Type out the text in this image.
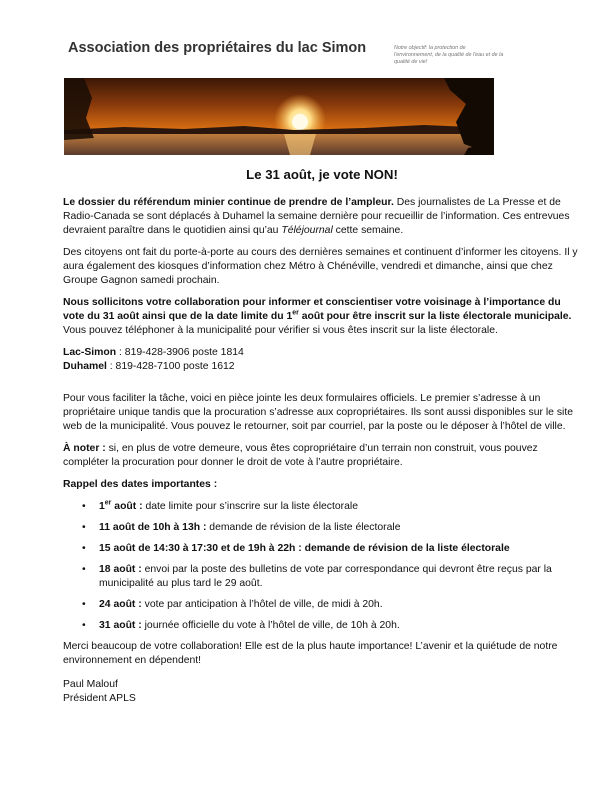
Association des propriétaires du lac Simon	Notre objectif: la protection de l'environnement, de la qualité de l'eau et de la qualité de vie!
Le 31 août, je vote NON!

Le dossier du référendum minier continue de prendre de l’ampleur. Des journalistes de La Presse et de Radio-Canada se sont déplacés à Duhamel la semaine dernière pour recueillir de l’information. Ces entrevues devraient paraître dans le quotidien ainsi qu’au Téléjournal cette semaine.

Des citoyens ont fait du porte-à-porte au cours des dernières semaines et continuent d’informer les citoyens. Il y aura également des kiosques d’information chez Métro à Chénéville, vendredi et dimanche, ainsi que chez Groupe Gagnon samedi prochain.

Nous sollicitons votre collaboration pour informer et conscientiser votre voisinage à l’importance du vote du 31 août ainsi que de la date limite du 1er août pour être inscrit sur la liste électorale municipale. Vous pouvez téléphoner à la municipalité pour vérifier si vous êtes inscrit sur la liste électorale.

Lac-Simon : 819-428-3906 poste 1814
Duhamel : 819-428-7100 poste 1612

Pour vous faciliter la tâche, voici en pièce jointe les deux formulaires officiels. Le premier s’adresse à un propriétaire unique tandis que la procuration s’adresse aux copropriétaires. Ils sont aussi disponibles sur le site web de la municipalité. Vous pouvez le retourner, soit par courriel, par la poste ou le déposer à l’hôtel de ville.

À noter : si, en plus de votre demeure, vous êtes copropriétaire d’un terrain non construit, vous pouvez compléter la procuration pour donner le droit de vote à l’autre propriétaire.

Rappel des dates importantes :

• 1er août : date limite pour s’inscrire sur la liste électorale
• 11 août de 10h à 13h : demande de révision de la liste électorale
• 15 août de 14:30 à 17:30 et de 19h à 22h : demande de révision de la liste électorale
• 18 août : envoi par la poste des bulletins de vote par correspondance qui devront être reçus par la municipalité au plus tard le 29 août.
• 24 août : vote par anticipation à l’hôtel de ville, de midi à 20h.
• 31 août : journée officielle du vote à l’hôtel de ville, de 10h à 20h.

Merci beaucoup de votre collaboration! Elle est de la plus haute importance! L’avenir et la quiétude de notre environnement en dépendent!

Paul Malouf
Président APLS
